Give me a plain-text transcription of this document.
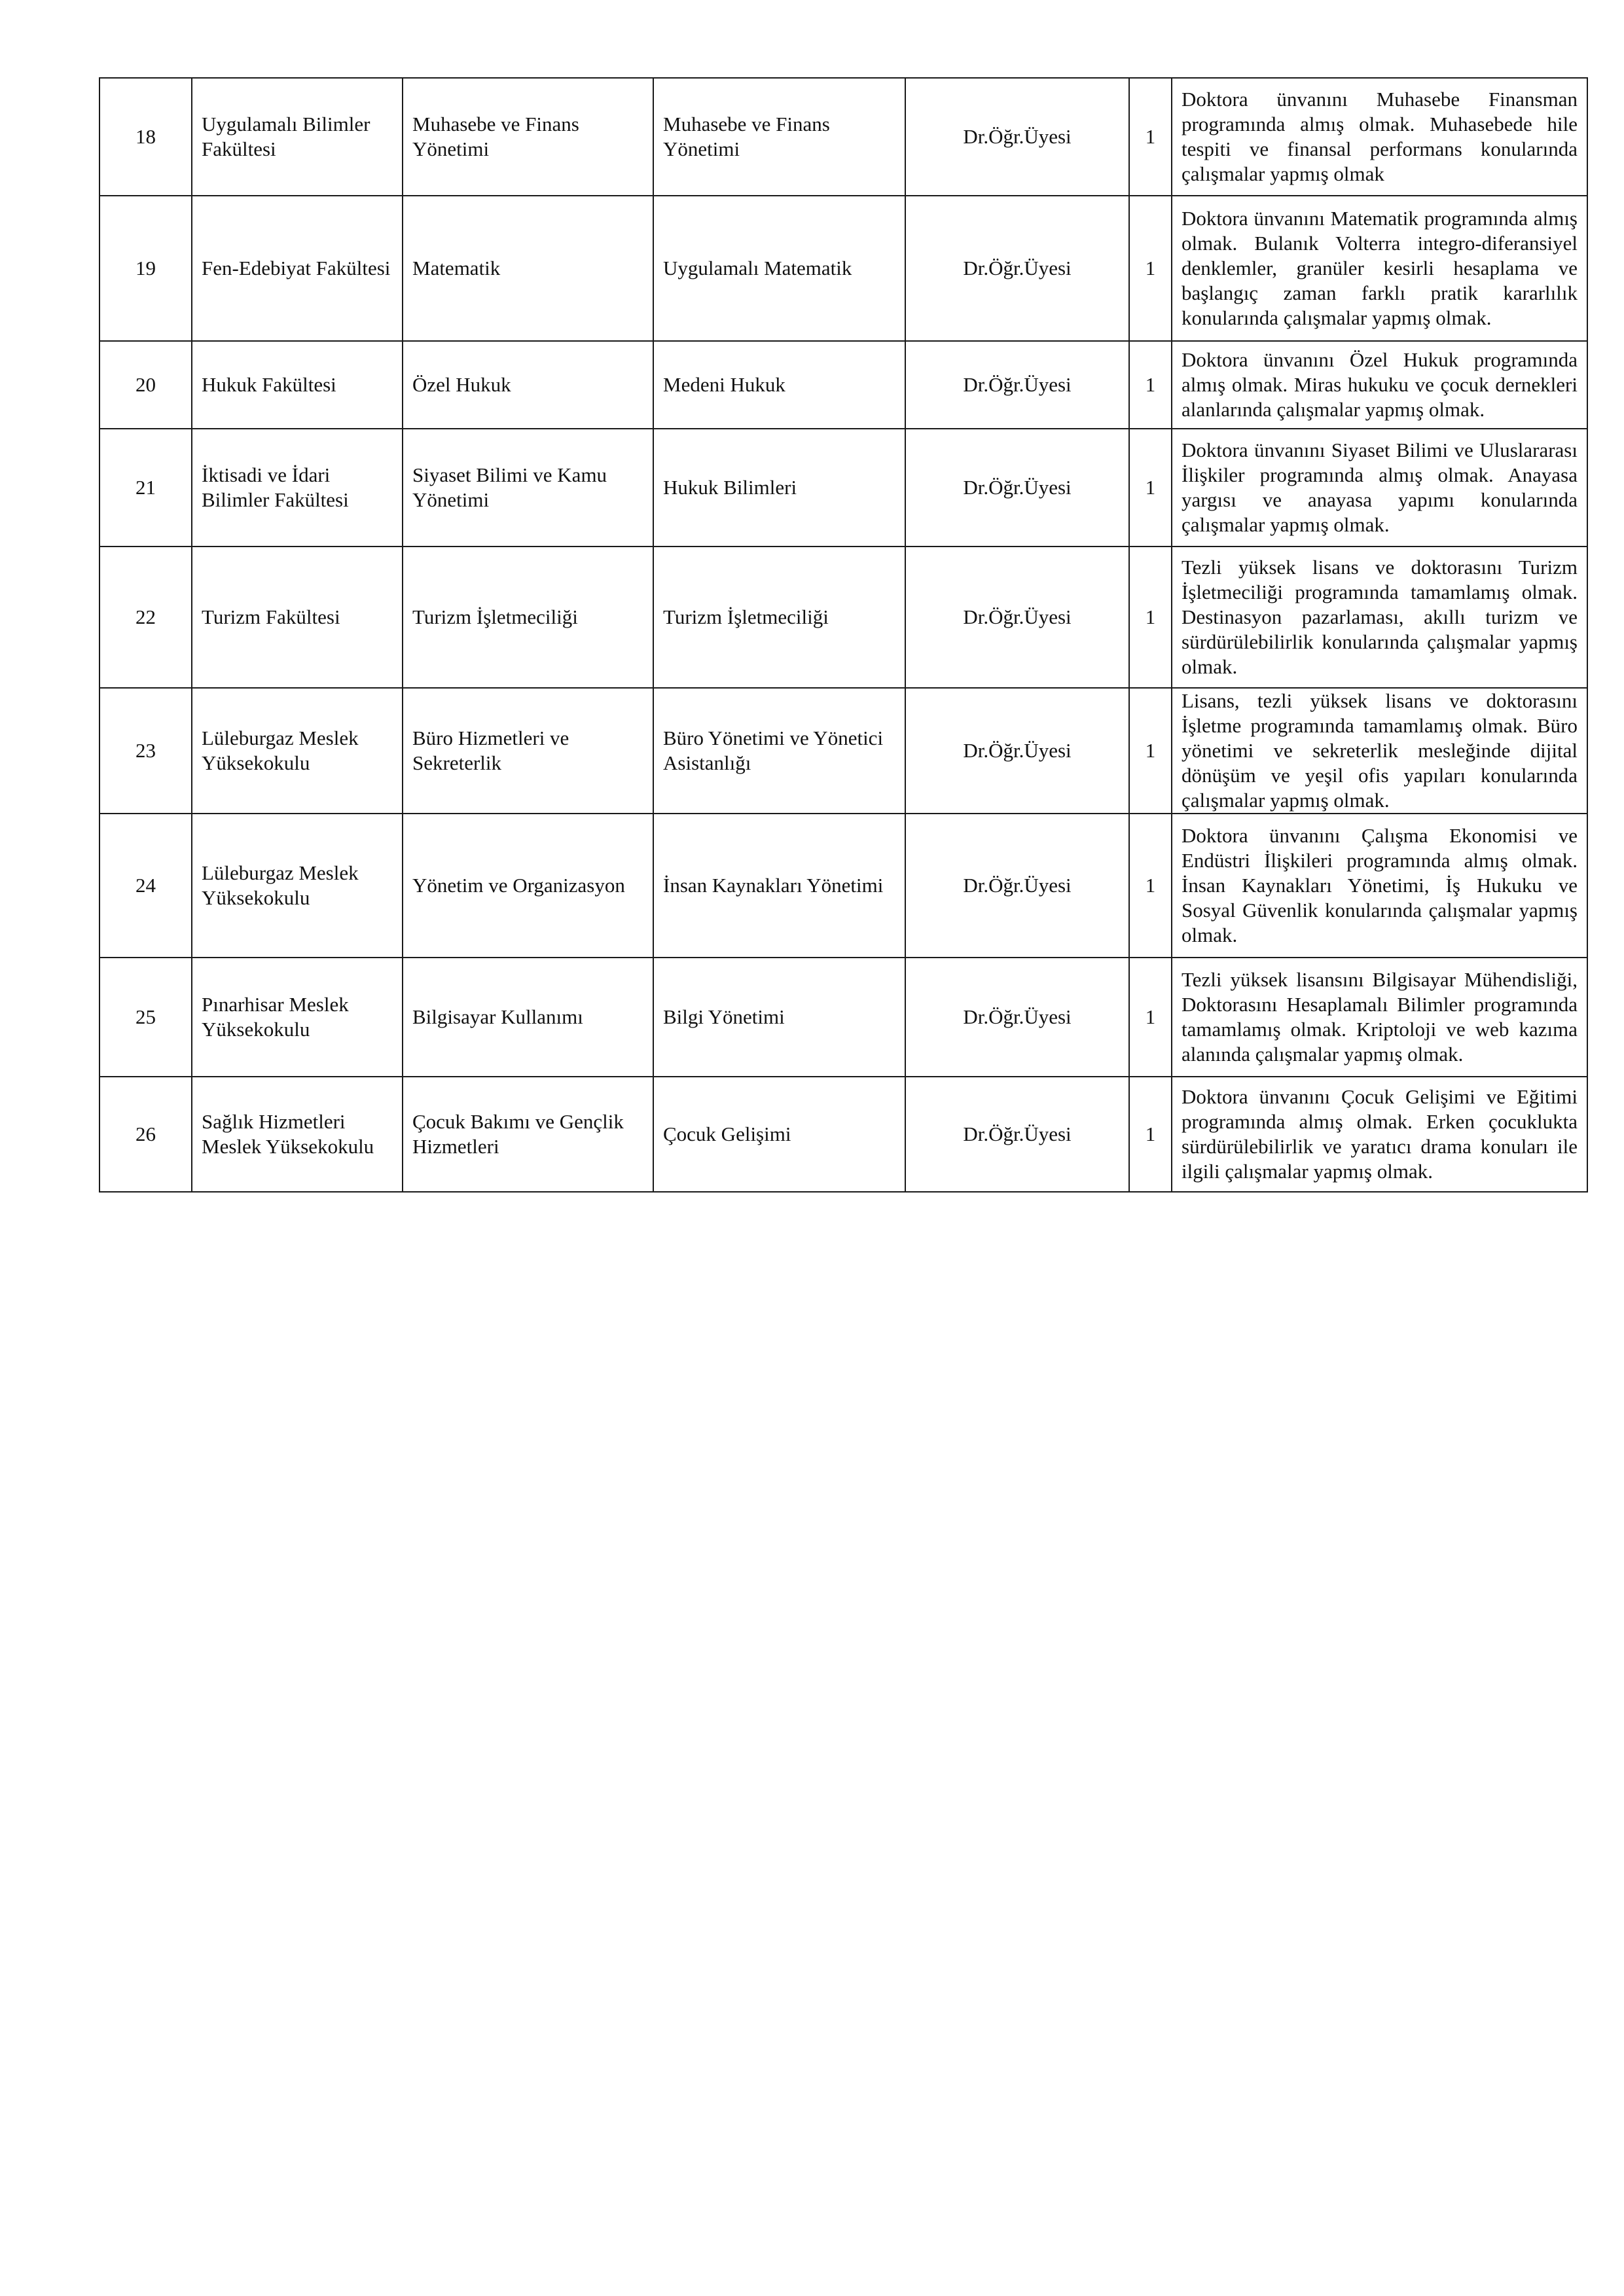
18	Uygulamalı Bilimler Fakültesi	Muhasebe ve Finans Yönetimi	Muhasebe ve Finans Yönetimi	Dr.Öğr.Üyesi	1	Doktora ünvanını Muhasebe Finansman programında almış olmak. Muhasebede hile tespiti ve finansal performans konularında çalışmalar yapmış olmak
19	Fen-Edebiyat Fakültesi	Matematik	Uygulamalı Matematik	Dr.Öğr.Üyesi	1	Doktora ünvanını Matematik programında almış olmak. Bulanık Volterra integro-diferansiyel denklemler, granüler kesirli hesaplama ve başlangıç zaman farklı pratik kararlılık konularında çalışmalar yapmış olmak.
20	Hukuk Fakültesi	Özel Hukuk	Medeni Hukuk	Dr.Öğr.Üyesi	1	Doktora ünvanını Özel Hukuk programında almış olmak. Miras hukuku ve çocuk dernekleri alanlarında çalışmalar yapmış olmak.
21	İktisadi ve İdari Bilimler Fakültesi	Siyaset Bilimi ve Kamu Yönetimi	Hukuk Bilimleri	Dr.Öğr.Üyesi	1	Doktora ünvanını Siyaset Bilimi ve Uluslararası İlişkiler programında almış olmak. Anayasa yargısı ve anayasa yapımı konularında çalışmalar yapmış olmak.
22	Turizm Fakültesi	Turizm İşletmeciliği	Turizm İşletmeciliği	Dr.Öğr.Üyesi	1	Tezli yüksek lisans ve doktorasını Turizm İşletmeciliği programında tamamlamış olmak. Destinasyon pazarlaması, akıllı turizm ve sürdürülebilirlik konularında çalışmalar yapmış olmak.
23	Lüleburgaz Meslek Yüksekokulu	Büro Hizmetleri ve Sekreterlik	Büro Yönetimi ve Yönetici Asistanlığı	Dr.Öğr.Üyesi	1	Lisans, tezli yüksek lisans ve doktorasını İşletme programında tamamlamış olmak. Büro yönetimi ve sekreterlik mesleğinde dijital dönüşüm ve yeşil ofis yapıları konularında çalışmalar yapmış olmak.
24	Lüleburgaz Meslek Yüksekokulu	Yönetim ve Organizasyon	İnsan Kaynakları Yönetimi	Dr.Öğr.Üyesi	1	Doktora ünvanını Çalışma Ekonomisi ve Endüstri İlişkileri programında almış olmak. İnsan Kaynakları Yönetimi, İş Hukuku ve Sosyal Güvenlik konularında çalışmalar yapmış olmak.
25	Pınarhisar Meslek Yüksekokulu	Bilgisayar Kullanımı	Bilgi Yönetimi	Dr.Öğr.Üyesi	1	Tezli yüksek lisansını Bilgisayar Mühendisliği, Doktorasını Hesaplamalı Bilimler programında tamamlamış olmak. Kriptoloji ve web kazıma alanında çalışmalar yapmış olmak.
26	Sağlık Hizmetleri Meslek Yüksekokulu	Çocuk Bakımı ve Gençlik Hizmetleri	Çocuk Gelişimi	Dr.Öğr.Üyesi	1	Doktora ünvanını Çocuk Gelişimi ve Eğitimi programında almış olmak. Erken çocuklukta sürdürülebilirlik ve yaratıcı drama konuları ile ilgili çalışmalar yapmış olmak.
